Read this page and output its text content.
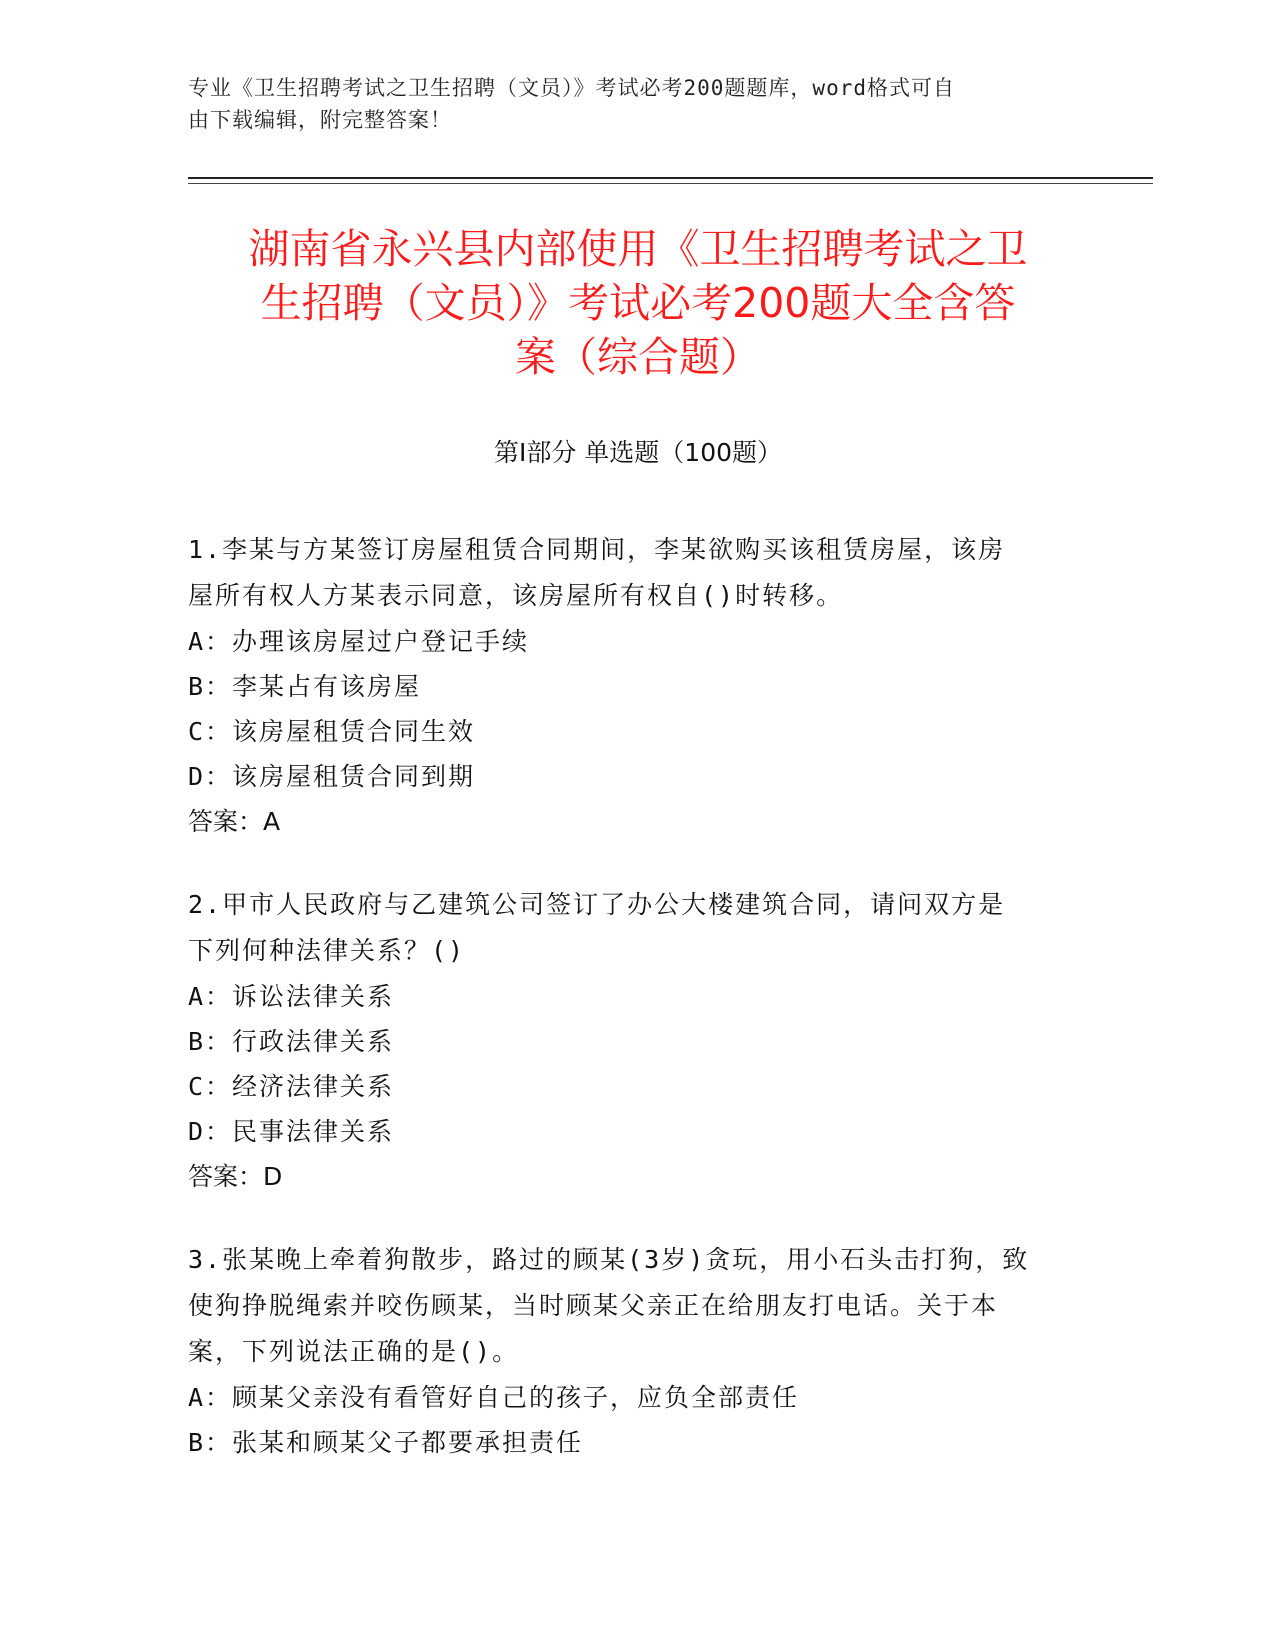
专业《卫生招聘考试之卫生招聘（文员）》考试必考200题题库，word格式可自
由下载编辑，附完整答案！
湖南省永兴县内部使用《卫生招聘考试之卫
生招聘（文员）》考试必考200题大全含答
案（综合题）
第I部分 单选题（100题）
1.李某与方某签订房屋租赁合同期间，李某欲购买该租赁房屋，该房
屋所有权人方某表示同意，该房屋所有权自()时转移。
A：办理该房屋过户登记手续
B：李某占有该房屋
C：该房屋租赁合同生效
D：该房屋租赁合同到期
答案：A
2.甲市人民政府与乙建筑公司签订了办公大楼建筑合同，请问双方是
下列何种法律关系？()
A：诉讼法律关系
B：行政法律关系
C：经济法律关系
D：民事法律关系
答案：D
3.张某晚上牵着狗散步，路过的顾某(3岁)贪玩，用小石头击打狗，致
使狗挣脱绳索并咬伤顾某，当时顾某父亲正在给朋友打电话。关于本
案，下列说法正确的是()。
A：顾某父亲没有看管好自己的孩子，应负全部责任
B：张某和顾某父子都要承担责任
